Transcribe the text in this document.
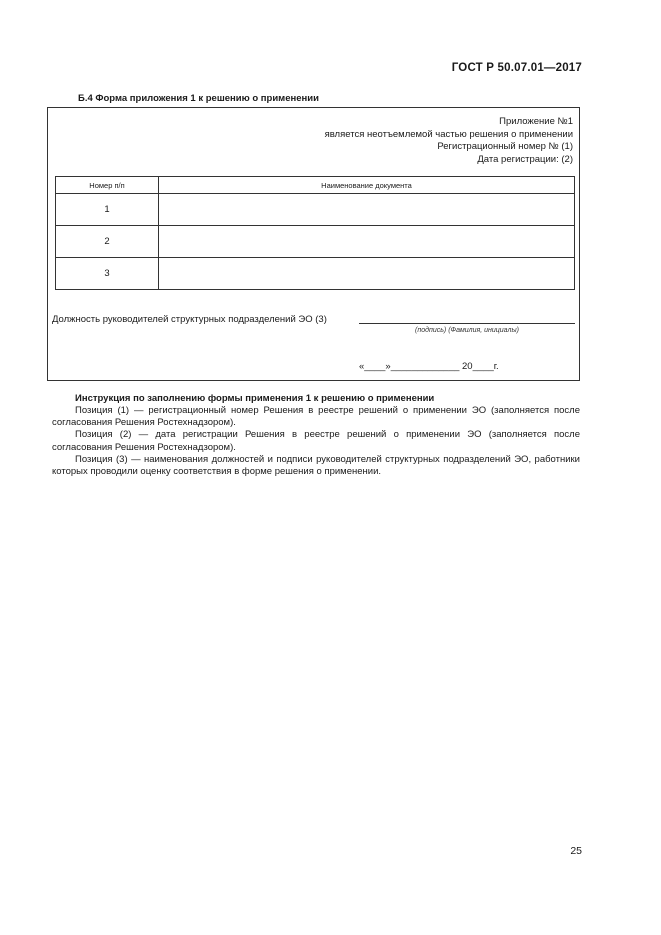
ГОСТ Р 50.07.01—2017
Б.4 Форма приложения 1 к решению о применении
Приложение №1
является неотъемлемой частью решения о применении
Регистрационный номер № (1)
Дата регистрации: (2)
Номер п/п	Наименование документа
1	
2	
3	
Должность руководителей структурных подразделений ЭО (3)
(подпись) (Фамилия, инициалы)
«____»_____________ 20____г.
Инструкция по заполнению формы применения 1 к решению о применении

Позиция (1) — регистрационный номер Решения в реестре решений о применении ЭО (заполняется после согласования Решения Ростехнадзором).

Позиция (2) — дата регистрации Решения в реестре решений о применении ЭО (заполняется после согласования Решения Ростехнадзором).

Позиция (3) — наименования должностей и подписи руководителей структурных подразделений ЭО, работники которых проводили оценку соответствия в форме решения о применении.

25
